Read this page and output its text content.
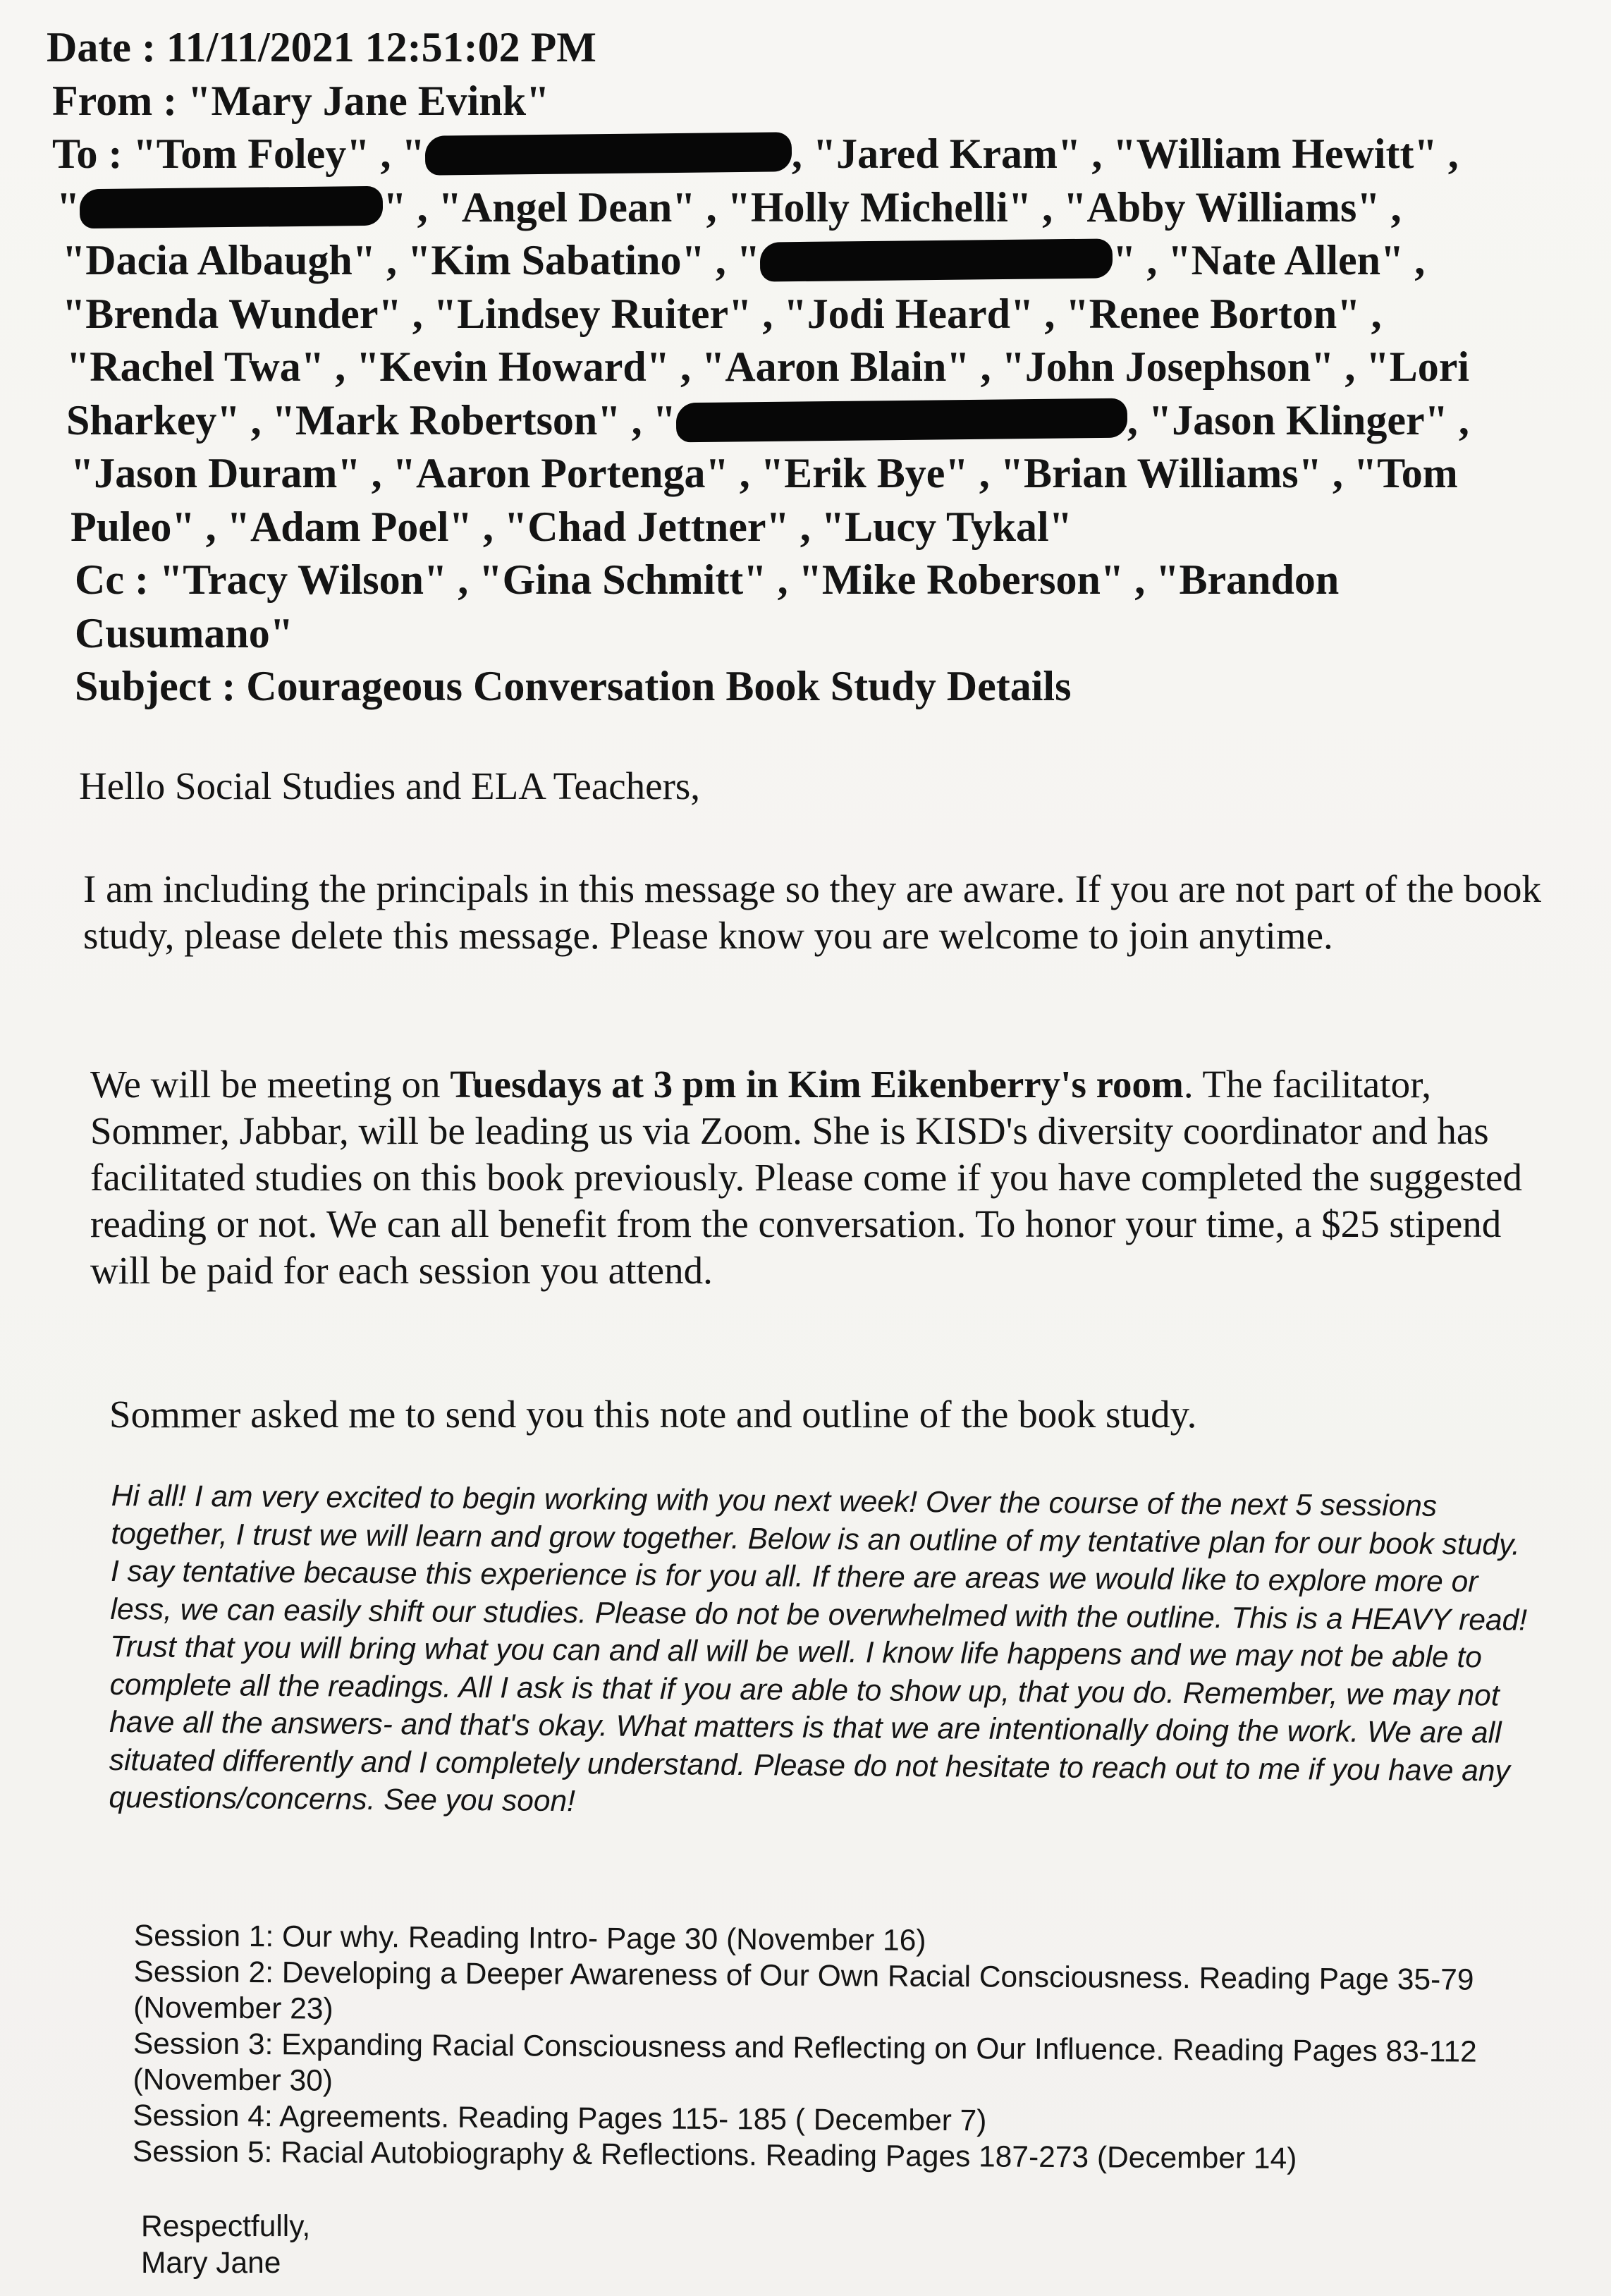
Date : 11/11/2021 12:51:02 PM
From : "Mary Jane Evink"
To : "Tom Foley" , "	, "Jared Kram" , "William Hewitt" ,
"	" , "Angel Dean" , "Holly Michelli" , "Abby Williams" ,
"Dacia Albaugh" , "Kim Sabatino" , "	" , "Nate Allen" ,
"Brenda Wunder" , "Lindsey Ruiter" , "Jodi Heard" , "Renee Borton" ,
"Rachel Twa" , "Kevin Howard" , "Aaron Blain" , "John Josephson" , "Lori
Sharkey" , "Mark Robertson" , "	, "Jason Klinger" ,
"Jason Duram" , "Aaron Portenga" , "Erik Bye" , "Brian Williams" , "Tom
Puleo" , "Adam Poel" , "Chad Jettner" , "Lucy Tykal"
Cc : "Tracy Wilson" , "Gina Schmitt" , "Mike Roberson" , "Brandon
Cusumano"
Subject : Courageous Conversation Book Study Details
Hello Social Studies and ELA Teachers,
I am including the principals in this message so they are aware. If you are not part of the book study, please delete this message. Please know you are welcome to join anytime.
We will be meeting on Tuesdays at 3 pm in Kim Eikenberry's room. The facilitator, Sommer, Jabbar, will be leading us via Zoom. She is KISD's diversity coordinator and has facilitated studies on this book previously. Please come if you have completed the suggested reading or not. We can all benefit from the conversation. To honor your time, a $25 stipend will be paid for each session you attend.
Sommer asked me to send you this note and outline of the book study.
Hi all! I am very excited to begin working with you next week! Over the course of the next 5 sessions together, I trust we will learn and grow together. Below is an outline of my tentative plan for our book study. I say tentative because this experience is for you all. If there are areas we would like to explore more or less, we can easily shift our studies. Please do not be overwhelmed with the outline. This is a HEAVY read! Trust that you will bring what you can and all will be well. I know life happens and we may not be able to complete all the readings. All I ask is that if you are able to show up, that you do. Remember, we may not have all the answers- and that's okay. What matters is that we are intentionally doing the work. We are all situated differently and I completely understand. Please do not hesitate to reach out to me if you have any questions/concerns. See you soon!

Session 1: Our why. Reading Intro- Page 30 (November 16)

Session 2: Developing a Deeper Awareness of Our Own Racial Consciousness. Reading Page 35-79 (November 23)

Session 3: Expanding Racial Consciousness and Reflecting on Our Influence. Reading Pages 83-112 (November 30)

Session 4: Agreements. Reading Pages 115- 185 ( December 7)

Session 5: Racial Autobiography & Reflections. Reading Pages 187-273 (December 14)

Respectfully,
Mary Jane
